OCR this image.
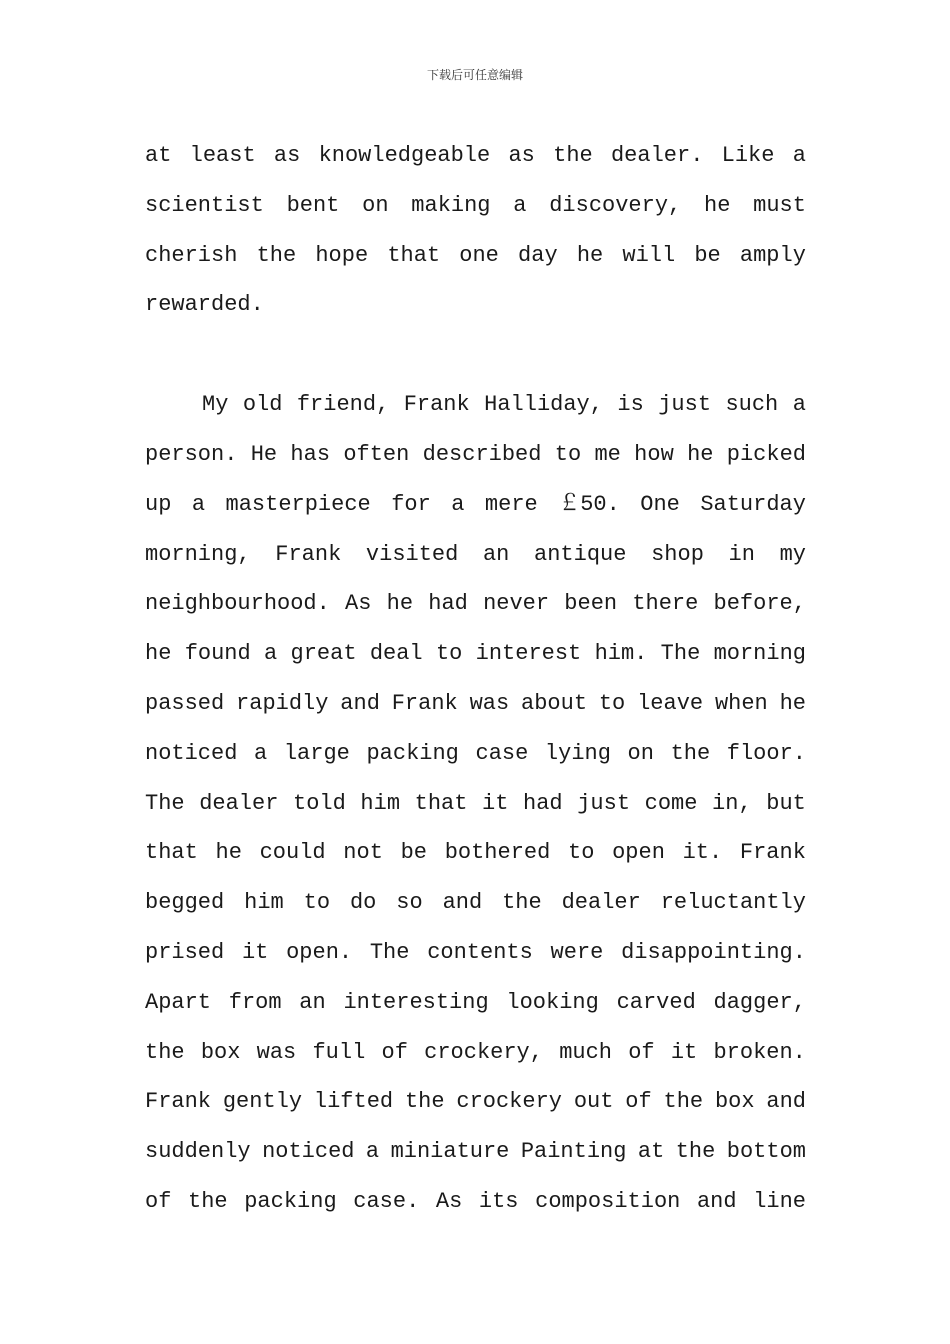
下载后可任意编辑
at least as knowledgeable as the dealer. Like a
scientist bent on making a discovery, he must
cherish the hope that one day he will be amply
rewarded.
My old friend, Frank Halliday, is just such a
person. He has often described to me how he picked
up a masterpiece for a mere ￡50. One Saturday
morning, Frank visited an antique shop in my
neighbourhood. As he had never been there before,
he found a great deal to interest him. The morning
passed rapidly and Frank was about to leave when he
noticed a large packing case lying on the floor.
The dealer told him that it had just come in, but
that he could not be bothered to open it. Frank
begged him to do so and the dealer reluctantly
prised it open. The contents were disappointing.
Apart from an interesting looking carved dagger,
the box was full of crockery, much of it broken.
Frank gently lifted the crockery out of the box and
suddenly noticed a miniature Painting at the bottom
of the packing case. As its composition and line
